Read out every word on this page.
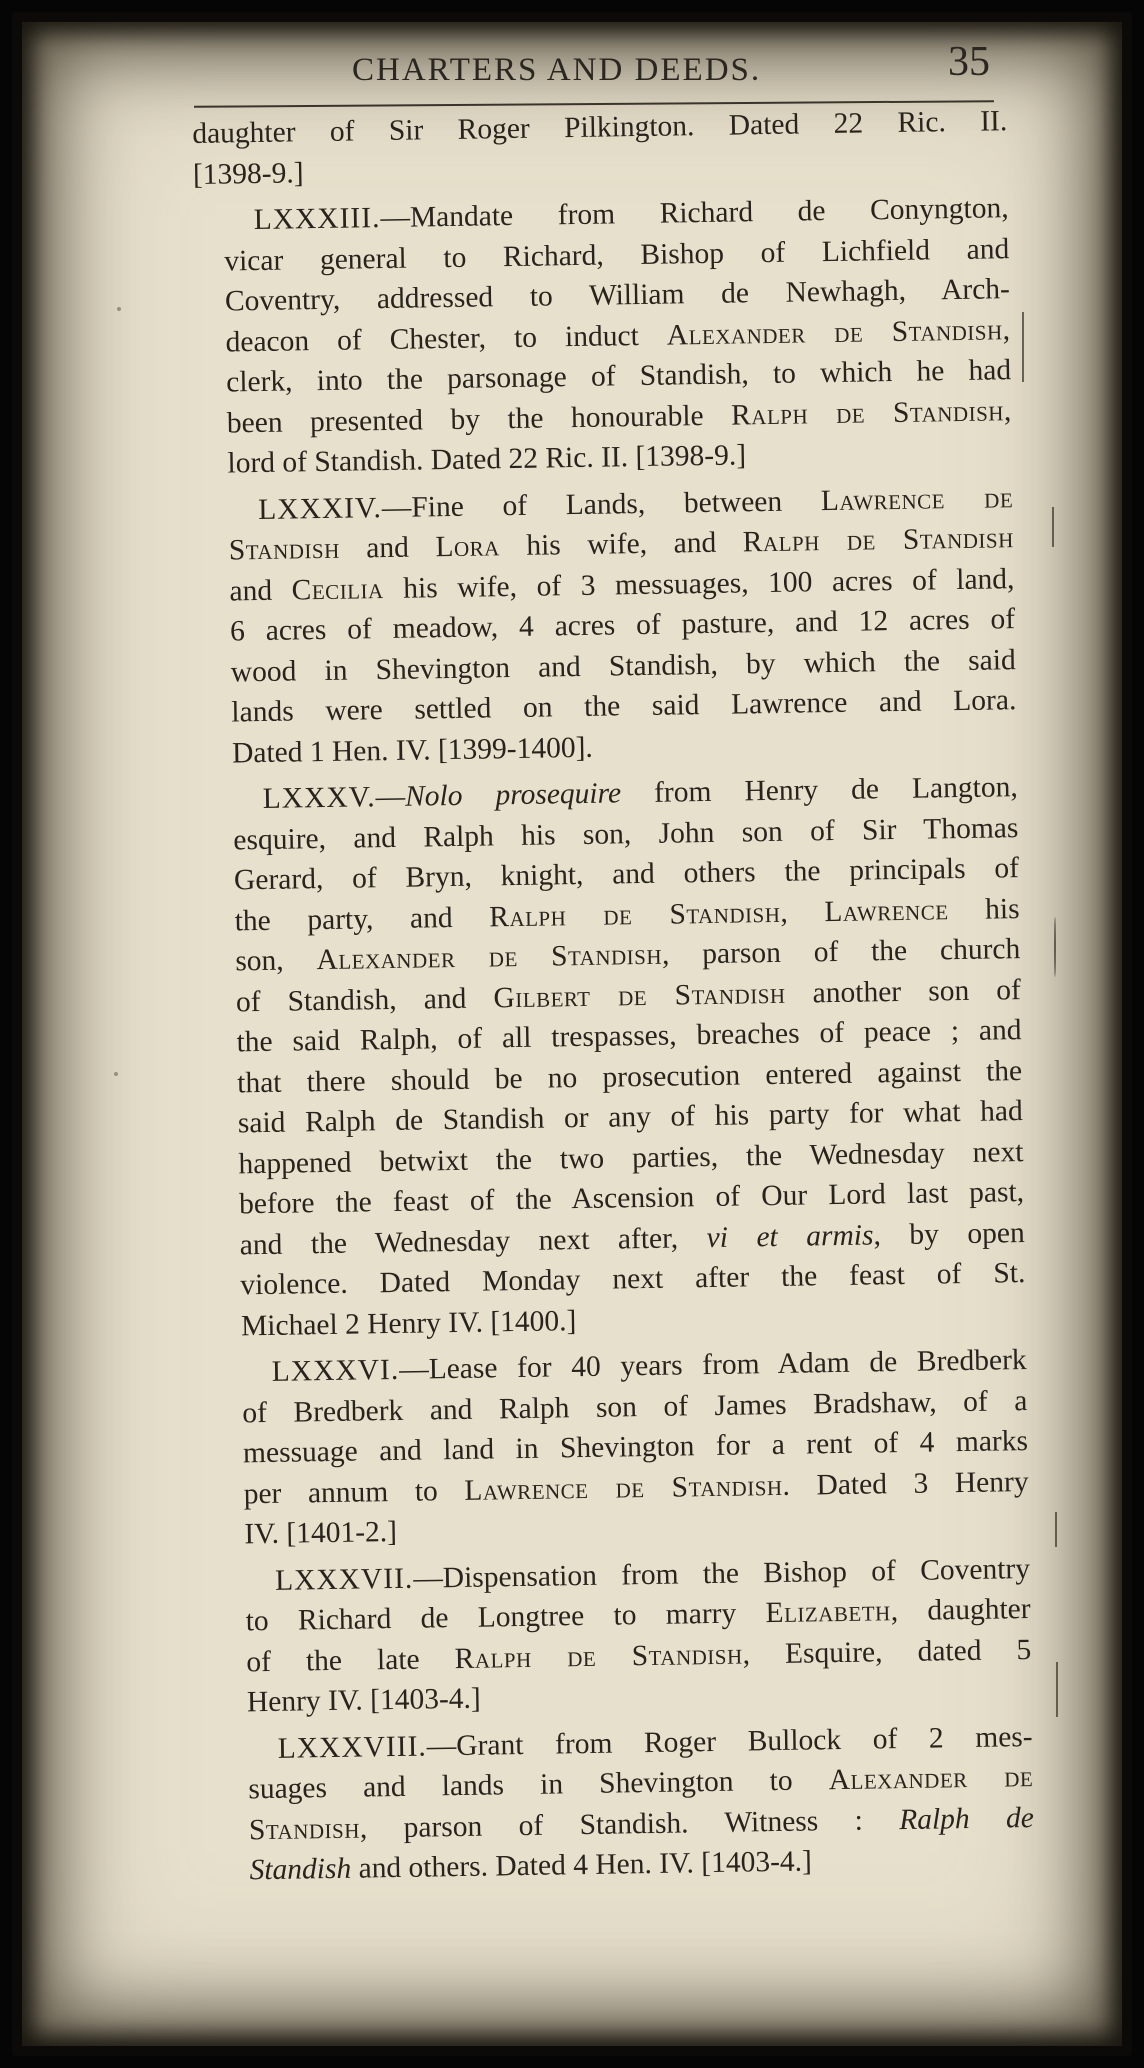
CHARTERS AND DEEDS.	35
daughter of Sir Roger Pilkington. Dated 22 Ric. II.
[1398-9.]
LXXXIII.—Mandate from Richard de Conyngton,
vicar general to Richard, Bishop of Lichfield and
Coventry, addressed to William de Newhagh, Arch-
deacon of Chester, to induct Alexander de Standish,
clerk, into the parsonage of Standish, to which he had
been presented by the honourable Ralph de Standish,
lord of Standish. Dated 22 Ric. II. [1398-9.]
LXXXIV.—Fine of Lands, between Lawrence de
Standish and Lora his wife, and Ralph de Standish
and Cecilia his wife, of 3 messuages, 100 acres of land,
6 acres of meadow, 4 acres of pasture, and 12 acres of
wood in Shevington and Standish, by which the said
lands were settled on the said Lawrence and Lora.
Dated 1 Hen. IV. [1399-1400].
LXXXV.—Nolo prosequire from Henry de Langton,
esquire, and Ralph his son, John son of Sir Thomas
Gerard, of Bryn, knight, and others the principals of
the party, and Ralph de Standish, Lawrence his
son, Alexander de Standish, parson of the church
of Standish, and Gilbert de Standish another son of
the said Ralph, of all trespasses, breaches of peace ; and
that there should be no prosecution entered against the
said Ralph de Standish or any of his party for what had
happened betwixt the two parties, the Wednesday next
before the feast of the Ascension of Our Lord last past,
and the Wednesday next after, vi et armis, by open
violence. Dated Monday next after the feast of St.
Michael 2 Henry IV. [1400.]
LXXXVI.—Lease for 40 years from Adam de Bredberk
of Bredberk and Ralph son of James Bradshaw, of a
messuage and land in Shevington for a rent of 4 marks
per annum to Lawrence de Standish. Dated 3 Henry
IV. [1401-2.]
LXXXVII.—Dispensation from the Bishop of Coventry
to Richard de Longtree to marry Elizabeth, daughter
of the late Ralph de Standish, Esquire, dated 5
Henry IV. [1403-4.]
LXXXVIII.—Grant from Roger Bullock of 2 mes-
suages and lands in Shevington to Alexander de
Standish, parson of Standish. Witness : Ralph de
Standish and others. Dated 4 Hen. IV. [1403-4.]
